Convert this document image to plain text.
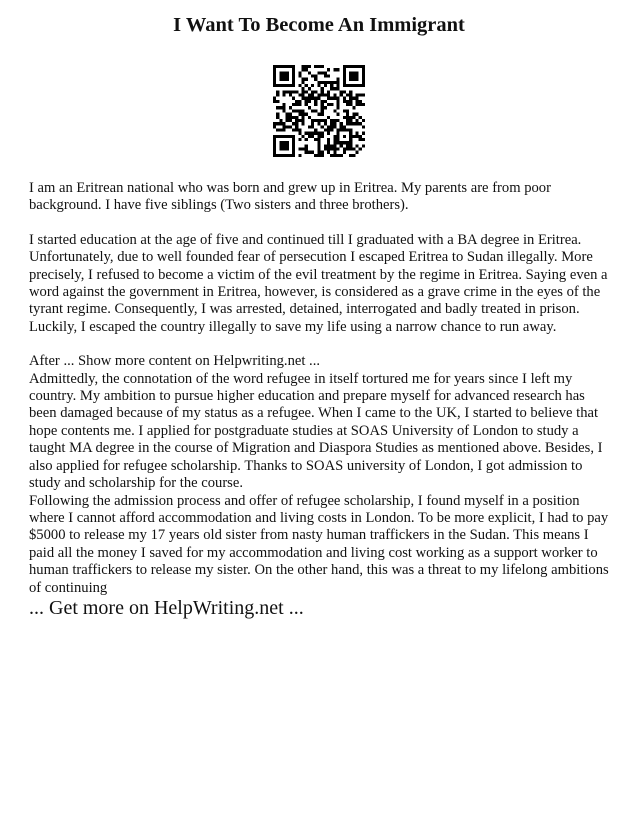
I Want To Become An Immigrant

I am an Eritrean national who was born and grew up in Eritrea. My parents are from poor background. I have five siblings (Two sisters and three brothers).

I started education at the age of five and continued till I graduated with a BA degree in Eritrea. Unfortunately, due to well founded fear of persecution I escaped Eritrea to Sudan illegally. More precisely, I refused to become a victim of the evil treatment by the regime in Eritrea. Saying even a word against the government in Eritrea, however, is considered as a grave crime in the eyes of the tyrant regime. Consequently, I was arrested, detained, interrogated and badly treated in prison. Luckily, I escaped the country illegally to save my life using a narrow chance to run away.

After ... Show more content on Helpwriting.net ...

Admittedly, the connotation of the word refugee in itself tortured me for years since I left my country. My ambition to pursue higher education and prepare myself for advanced research has been damaged because of my status as a refugee. When I came to the UK, I started to believe that hope contents me. I applied for postgraduate studies at SOAS University of London to study a taught MA degree in the course of Migration and Diaspora Studies as mentioned above. Besides, I also applied for refugee scholarship. Thanks to SOAS university of London, I got admission to study and scholarship for the course.

Following the admission process and offer of refugee scholarship, I found myself in a position where I cannot afford accommodation and living costs in London. To be more explicit, I had to pay $5000 to release my 17 years old sister from nasty human traffickers in the Sudan. This means I paid all the money I saved for my accommodation and living cost working as a support worker to human traffickers to release my sister. On the other hand, this was a threat to my lifelong ambitions of continuing

... Get more on HelpWriting.net ...
